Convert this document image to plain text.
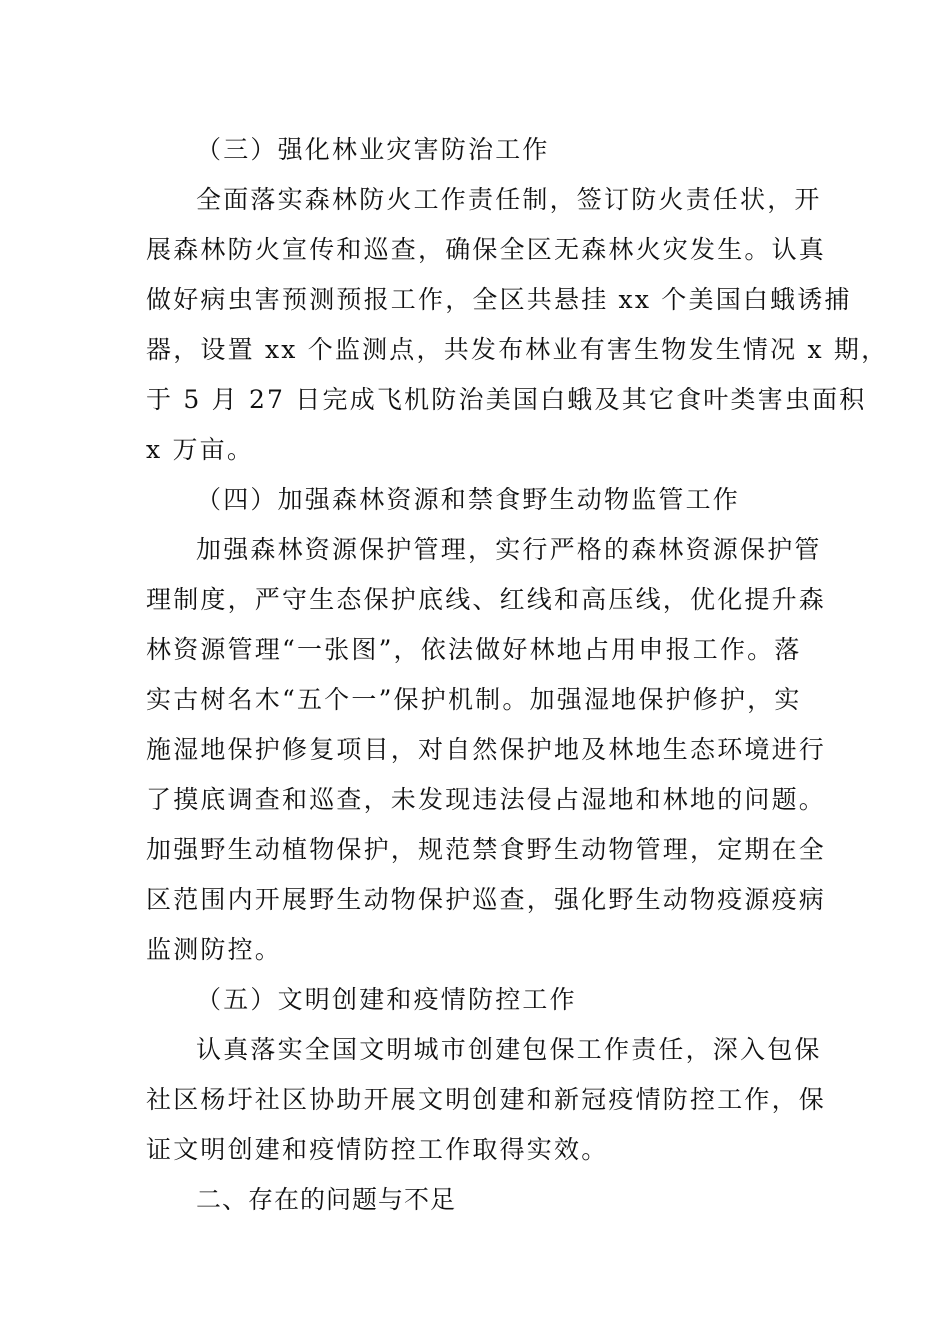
（三）强化林业灾害防治工作
全面落实森林防火工作责任制，签订防火责任状，开
展森林防火宣传和巡查，确保全区无森林火灾发生。认真
做好病虫害预测预报工作，全区共悬挂 xx 个美国白蛾诱捕
器，设置 xx 个监测点，共发布林业有害生物发生情况 x 期，
于 5 月 27 日完成飞机防治美国白蛾及其它食叶类害虫面积
x 万亩。
（四）加强森林资源和禁食野生动物监管工作
加强森林资源保护管理，实行严格的森林资源保护管
理制度，严守生态保护底线、红线和高压线，优化提升森
林资源管理“一张图”，依法做好林地占用申报工作。落
实古树名木“五个一”保护机制。加强湿地保护修护，实
施湿地保护修复项目，对自然保护地及林地生态环境进行
了摸底调查和巡查，未发现违法侵占湿地和林地的问题。
加强野生动植物保护，规范禁食野生动物管理，定期在全
区范围内开展野生动物保护巡查，强化野生动物疫源疫病
监测防控。
（五）文明创建和疫情防控工作
认真落实全国文明城市创建包保工作责任，深入包保
社区杨圩社区协助开展文明创建和新冠疫情防控工作，保
证文明创建和疫情防控工作取得实效。
二、存在的问题与不足
